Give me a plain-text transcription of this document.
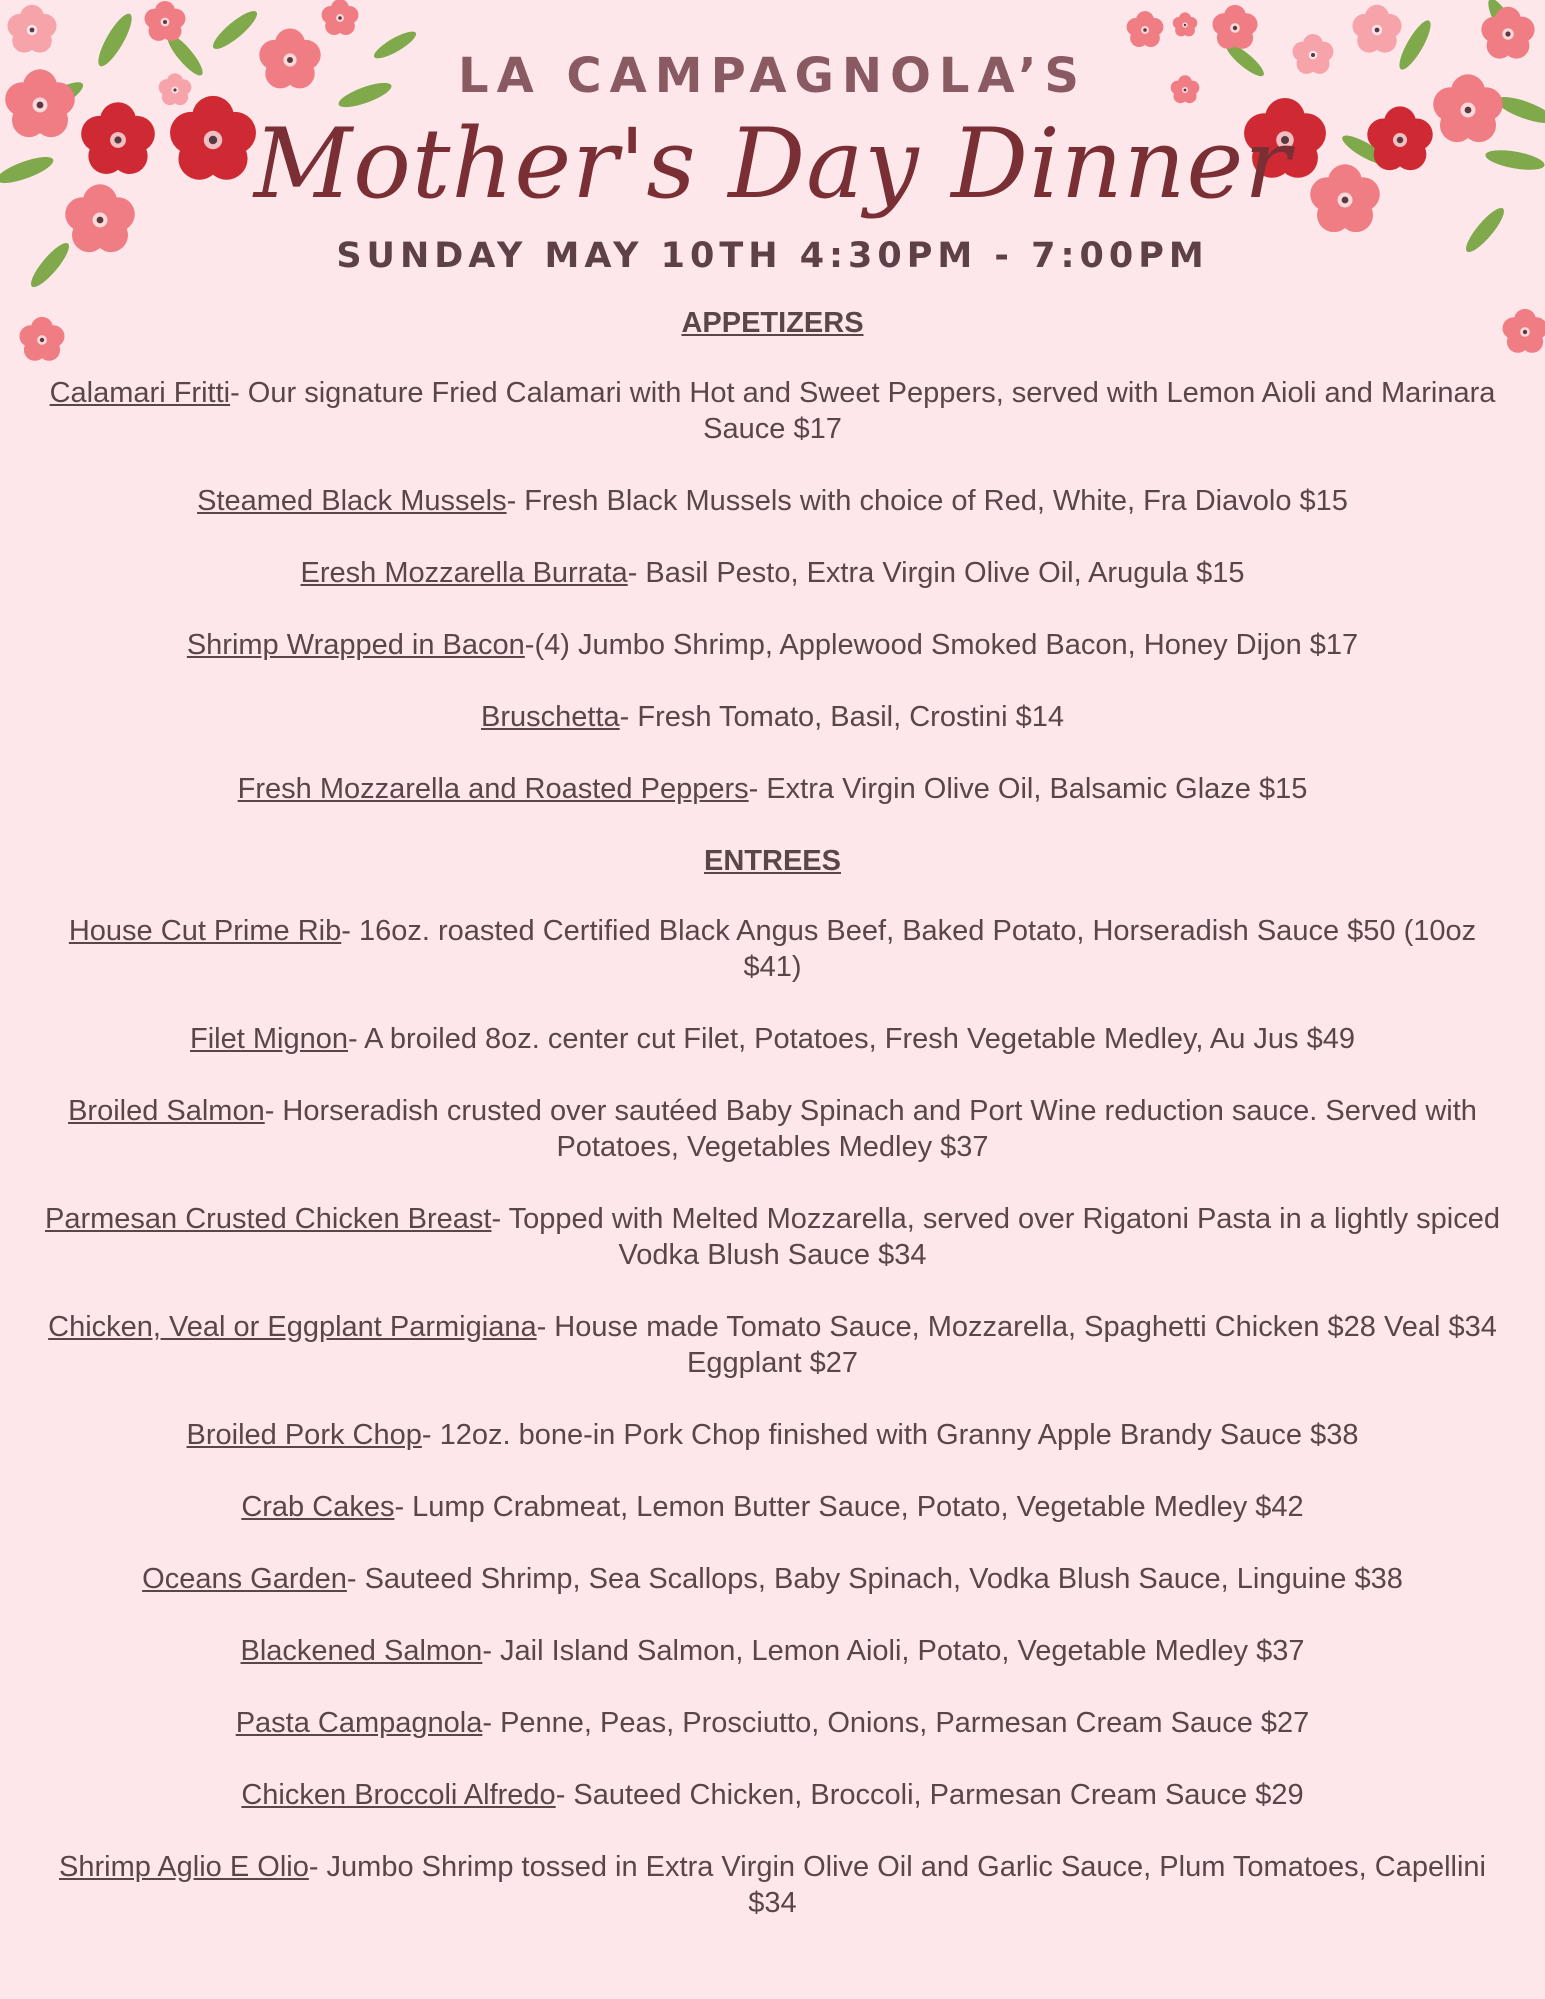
LA CAMPAGNOLA’S
Mother's Day Dinner
SUNDAY MAY 10TH 4:30PM - 7:00PM
APPETIZERS
Calamari Fritti- Our signature Fried Calamari with Hot and Sweet Peppers, served with Lemon Aioli and Marinara Sauce $17
Steamed Black Mussels- Fresh Black Mussels with choice of Red, White, Fra Diavolo $15
Eresh Mozzarella Burrata- Basil Pesto, Extra Virgin Olive Oil, Arugula $15
Shrimp Wrapped in Bacon-(4) Jumbo Shrimp, Applewood Smoked Bacon, Honey Dijon $17
Bruschetta- Fresh Tomato, Basil, Crostini $14
Fresh Mozzarella and Roasted Peppers- Extra Virgin Olive Oil, Balsamic Glaze $15
ENTREES
House Cut Prime Rib- 16oz. roasted Certified Black Angus Beef, Baked Potato, Horseradish Sauce $50 (10oz $41)
Filet Mignon- A broiled 8oz. center cut Filet, Potatoes, Fresh Vegetable Medley, Au Jus $49
Broiled Salmon- Horseradish crusted over sautéed Baby Spinach and Port Wine reduction sauce. Served with Potatoes, Vegetables Medley $37
Parmesan Crusted Chicken Breast- Topped with Melted Mozzarella, served over Rigatoni Pasta in a lightly spiced Vodka Blush Sauce $34
Chicken, Veal or Eggplant Parmigiana- House made Tomato Sauce, Mozzarella, Spaghetti Chicken $28 Veal $34 Eggplant $27
Broiled Pork Chop- 12oz. bone-in Pork Chop finished with Granny Apple Brandy Sauce $38
Crab Cakes- Lump Crabmeat, Lemon Butter Sauce, Potato, Vegetable Medley $42
Oceans Garden- Sauteed Shrimp, Sea Scallops, Baby Spinach, Vodka Blush Sauce, Linguine $38
Blackened Salmon- Jail Island Salmon, Lemon Aioli, Potato, Vegetable Medley $37
Pasta Campagnola- Penne, Peas, Prosciutto, Onions, Parmesan Cream Sauce $27
Chicken Broccoli Alfredo- Sauteed Chicken, Broccoli, Parmesan Cream Sauce $29
Shrimp Aglio E Olio- Jumbo Shrimp tossed in Extra Virgin Olive Oil and Garlic Sauce, Plum Tomatoes, Capellini $34
